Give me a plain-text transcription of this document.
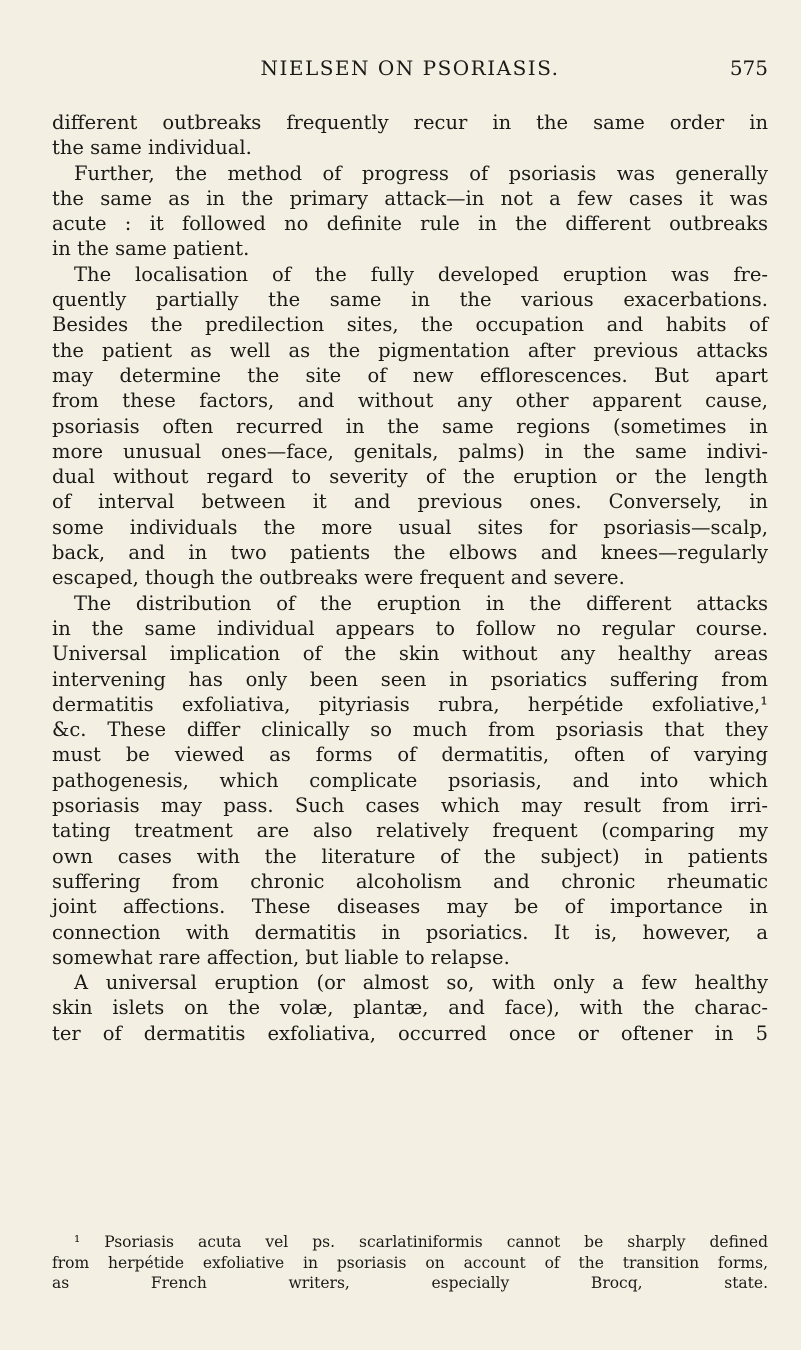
NIELSEN ON PSORIASIS.	575
different outbreaks frequently recur in the same order in
the same individual.
Further, the method of progress of psoriasis was generally
the same as in the primary attack—in not a few cases it was
acute : it followed no definite rule in the different outbreaks
in the same patient.
The localisation of the fully developed eruption was fre-
quently partially the same in the various exacerbations.
Besides the predilection sites, the occupation and habits of
the patient as well as the pigmentation after previous attacks
may determine the site of new efflorescences. But apart
from these factors, and without any other apparent cause,
psoriasis often recurred in the same regions (sometimes in
more unusual ones—face, genitals, palms) in the same indivi-
dual without regard to severity of the eruption or the length
of interval between it and previous ones. Conversely, in
some individuals the more usual sites for psoriasis—scalp,
back, and in two patients the elbows and knees—regularly
escaped, though the outbreaks were frequent and severe.
The distribution of the eruption in the different attacks
in the same individual appears to follow no regular course.
Universal implication of the skin without any healthy areas
intervening has only been seen in psoriatics suffering from
dermatitis exfoliativa, pityriasis rubra, herpétide exfoliative,¹
&c. These differ clinically so much from psoriasis that they
must be viewed as forms of dermatitis, often of varying
pathogenesis, which complicate psoriasis, and into which
psoriasis may pass. Such cases which may result from irri-
tating treatment are also relatively frequent (comparing my
own cases with the literature of the subject) in patients
suffering from chronic alcoholism and chronic rheumatic
joint affections. These diseases may be of importance in
connection with dermatitis in psoriatics. It is, however, a
somewhat rare affection, but liable to relapse.
A universal eruption (or almost so, with only a few healthy
skin islets on the volæ, plantæ, and face), with the charac-
ter of dermatitis exfoliativa, occurred once or oftener in 5
¹ Psoriasis acuta vel ps. scarlatiniformis cannot be sharply defined
from herpétide exfoliative in psoriasis on account of the transition forms,
as French writers, especially Brocq, state.
